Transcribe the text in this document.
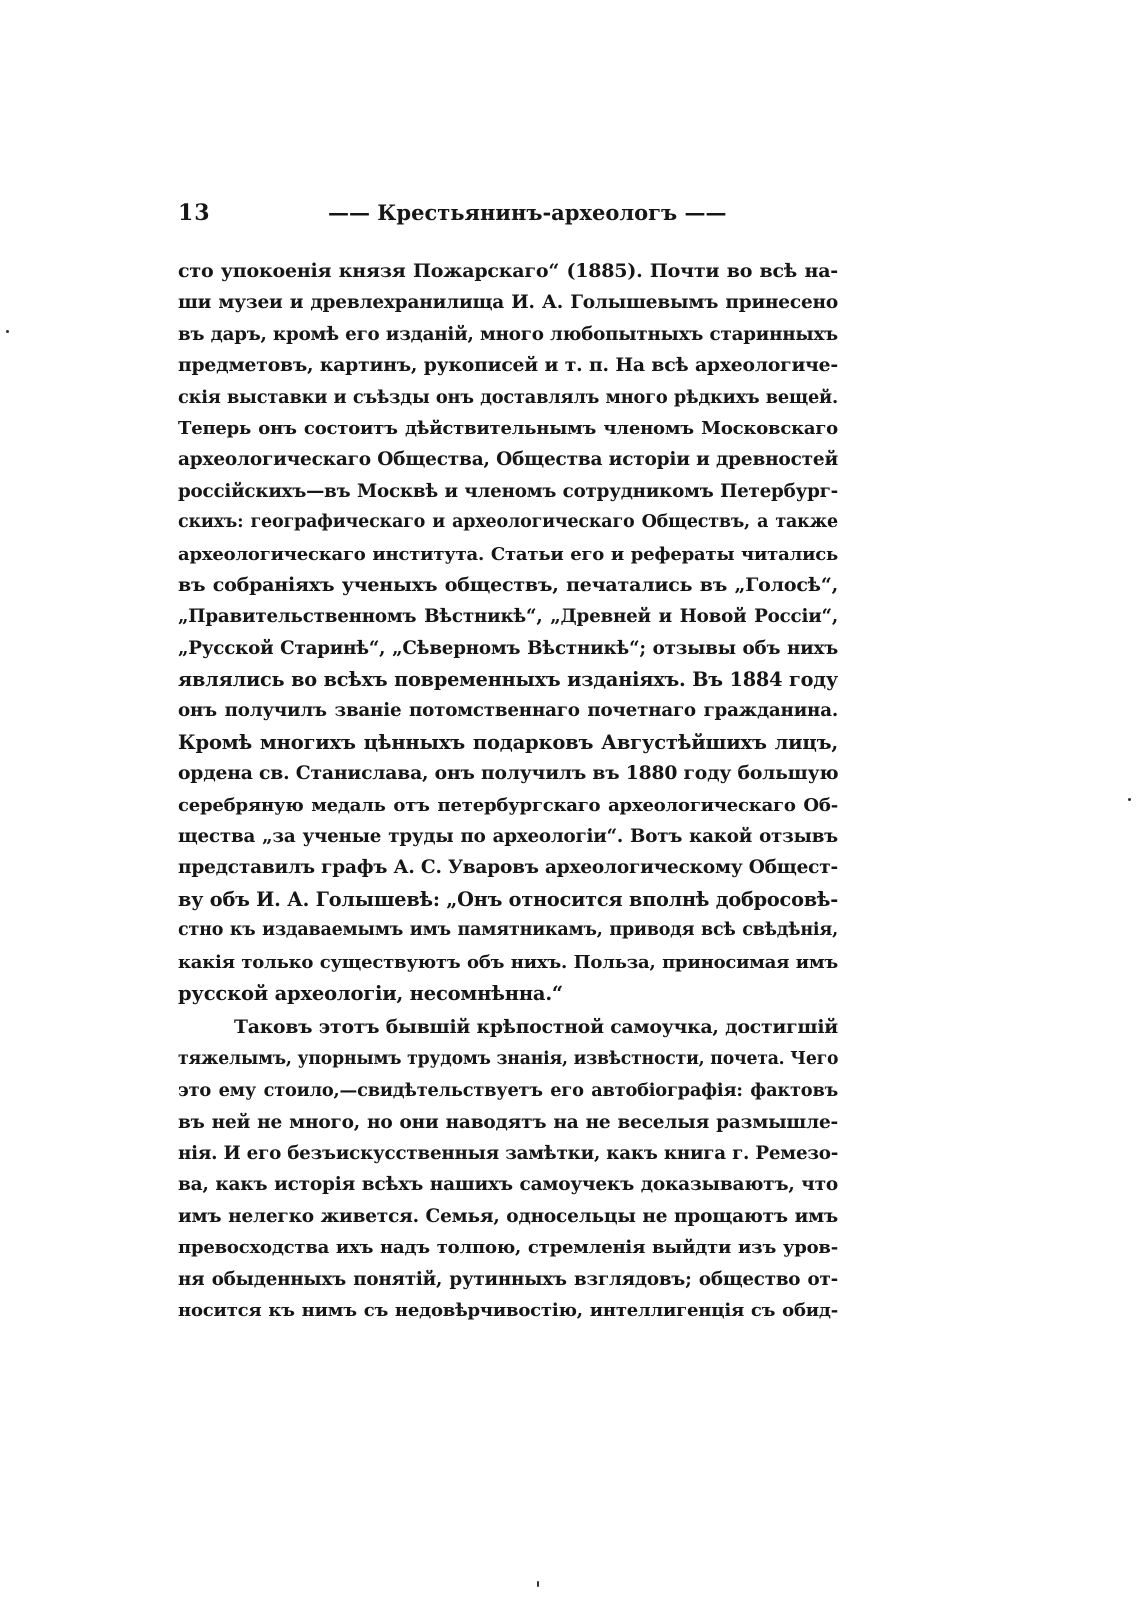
13	—— Крестьянинъ-археологъ ——
сто упокоенія князя Пожарскаго“ (1885). Почти во всѣ на-
ши музеи и древлехранилища И. А. Голышевымъ принесено
въ даръ, кромѣ его изданій, много любопытныхъ старинныхъ
предметовъ, картинъ, рукописей и т. п. На всѣ археологиче-
скія выставки и съѣзды онъ доставлялъ много рѣдкихъ вещей.
Теперь онъ состоитъ дѣйствительнымъ членомъ Московскаго
археологическаго Общества, Общества исторіи и древностей
россійскихъ—въ Москвѣ и членомъ сотрудникомъ Петербург-
скихъ: географическаго и археологическаго Обществъ, а также
археологическаго института. Статьи его и рефераты читались
въ собраніяхъ ученыхъ обществъ, печатались въ „Голосѣ“,
„Правительственномъ Вѣстникѣ“, „Древней и Новой Россіи“,
„Русской Старинѣ“, „Сѣверномъ Вѣстникѣ“; отзывы объ нихъ
являлись во всѣхъ повременныхъ изданіяхъ. Въ 1884 году
онъ получилъ званіе потомственнаго почетнаго гражданина.
Кромѣ многихъ цѣнныхъ подарковъ Августѣйшихъ лицъ,
ордена св. Станислава, онъ получилъ въ 1880 году большую
серебряную медаль отъ петербургскаго археологическаго Об-
щества „за ученые труды по археологіи“. Вотъ какой отзывъ
представилъ графъ А. С. Уваровъ археологическому Общест-
ву объ И. А. Голышевѣ: „Онъ относится вполнѣ добросовѣ-
стно къ издаваемымъ имъ памятникамъ, приводя всѣ свѣдѣнія,
какія только существуютъ объ нихъ. Польза, приносимая имъ
русской археологіи, несомнѣнна.“
Таковъ этотъ бывшій крѣпостной самоучка, достигшій
тяжелымъ, упорнымъ трудомъ знанія, извѣстности, почета. Чего
это ему стоило,—свидѣтельствуетъ его автобіографія: фактовъ
въ ней не много, но они наводятъ на не веселыя размышле-
нія. И его безъискусственныя замѣтки, какъ книга г. Ремезо-
ва, какъ исторія всѣхъ нашихъ самоучекъ доказываютъ, что
имъ нелегко живется. Семья, односельцы не прощаютъ имъ
превосходства ихъ надъ толпою, стремленія выйдти изъ уров-
ня обыденныхъ понятій, рутинныхъ взглядовъ; общество от-
носится къ нимъ съ недовѣрчивостію, интеллигенція съ обид-
